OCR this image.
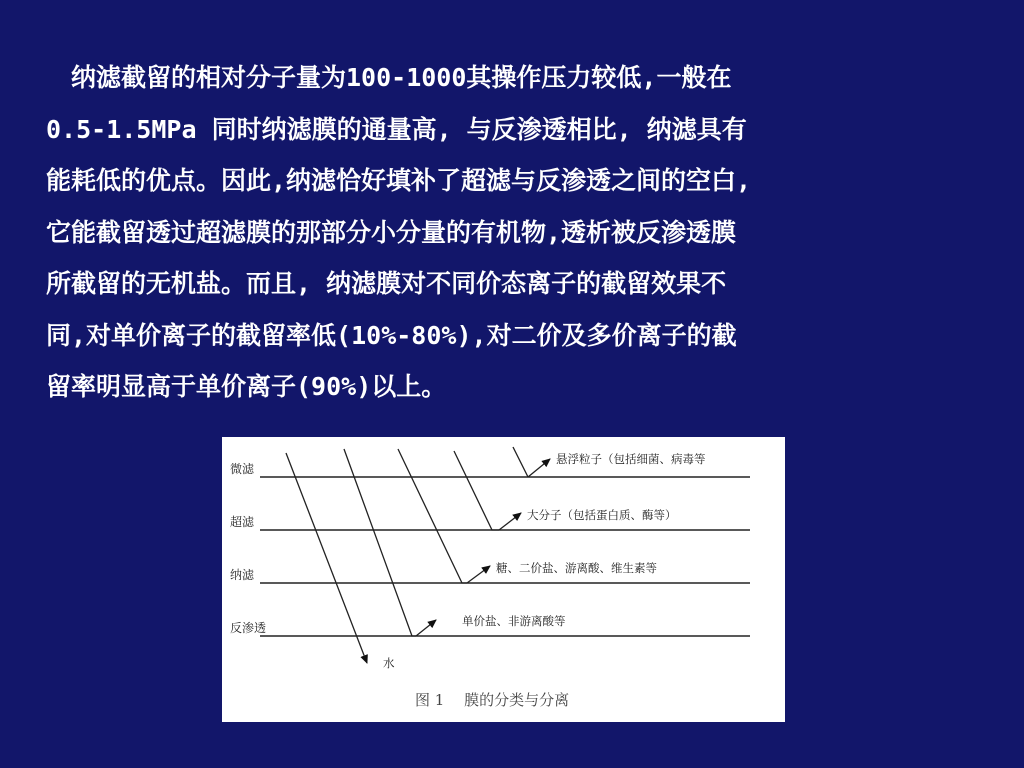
　纳滤截留的相对分子量为100-1000其操作压力较低,一般在
0.5-1.5MPa 同时纳滤膜的通量高, 与反渗透相比, 纳滤具有
能耗低的优点。因此,纳滤恰好填补了超滤与反渗透之间的空白,
它能截留透过超滤膜的那部分小分量的有机物,透析被反渗透膜
所截留的无机盐。而且, 纳滤膜对不同价态离子的截留效果不
同,对单价离子的截留率低(10%-80%),对二价及多价离子的截
留率明显高于单价离子(90%)以上。
微滤
超滤
纳滤
反渗透
悬浮粒子（包括细菌、病毒等
大分子（包括蛋白质、酶等）
糖、二价盐、游离酸、维生素等
单价盐、非游离酸等
水
图 1　 膜的分类与分离
